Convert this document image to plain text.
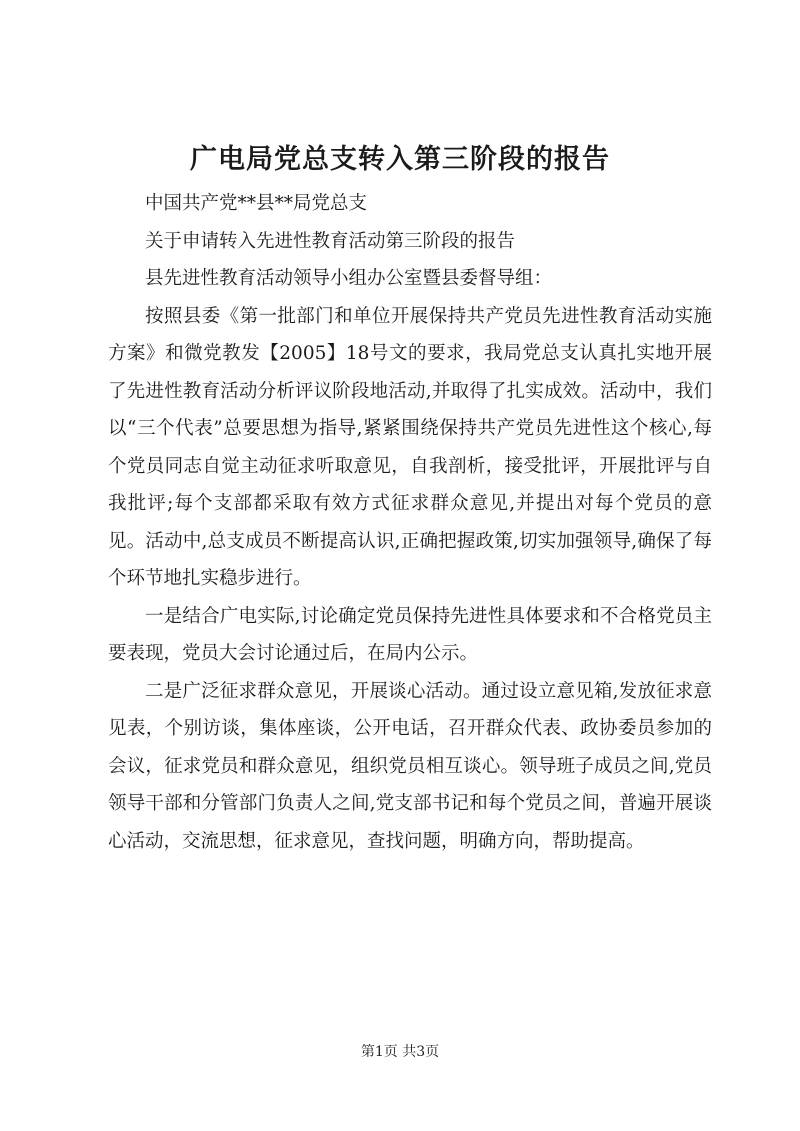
广电局党总支转入第三阶段的报告

中国共产党**县**局党总支

关于申请转入先进性教育活动第三阶段的报告

县先进性教育活动领导小组办公室暨县委督导组：

按照县委《第一批部门和单位开展保持共产党员先进性教育活动实施方案》和微党教发【2005】18号文的要求，我局党总支认真扎实地开展了先进性教育活动分析评议阶段地活动,并取得了扎实成效。活动中，我们以“三个代表”总要思想为指导,紧紧围绕保持共产党员先进性这个核心,每个党员同志自觉主动征求听取意见，自我剖析，接受批评，开展批评与自我批评;每个支部都采取有效方式征求群众意见,并提出对每个党员的意见。活动中,总支成员不断提高认识,正确把握政策,切实加强领导,确保了每个环节地扎实稳步进行。

一是结合广电实际,讨论确定党员保持先进性具体要求和不合格党员主要表现，党员大会讨论通过后，在局内公示。

二是广泛征求群众意见，开展谈心活动。通过设立意见箱,发放征求意见表，个别访谈，集体座谈，公开电话，召开群众代表、政协委员参加的会议，征求党员和群众意见，组织党员相互谈心。领导班子成员之间,党员领导干部和分管部门负责人之间,党支部书记和每个党员之间，普遍开展谈心活动，交流思想，征求意见，查找问题，明确方向，帮助提高。

第1页 共3页
